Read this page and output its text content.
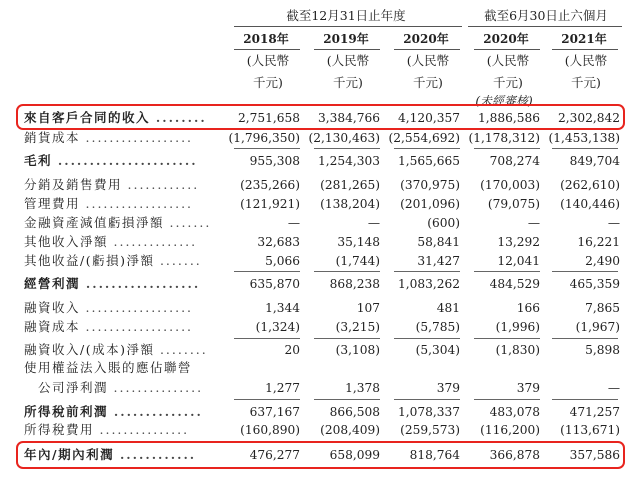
截至12月31日止年度	截至6月30日止六個月
2018年	2019年	2020年	2020年	2021年
(人民幣
千元)
(人民幣
千元)
(人民幣
千元)
(人民幣
千元)
(人民幣
千元)
(未經審核)
來自客戶合同的收入 ........	2,751,658	3,384,766	4,120,357	1,886,586	2,302,842
銷貨成本 ..................	(1,796,350) (2,130,463) (2,554,692) (1,178,312) (1,453,138)
毛利 ......................	955,308	1,254,303	1,565,665	708,274	849,704
分銷及銷售費用 ............	(235,266)	(281,265)	(370,975)	(170,003)	(262,610)
管理費用 ..................	(121,921)	(138,204)	(201,096)	(79,075)	(140,446)
金融資產減值虧損淨額 .......	—	—	(600)	—	—
其他收入淨額 ..............	32,683	35,148	58,841	13,292	16,221
其他收益/(虧損)淨額 .......	5,066	(1,744)	31,427	12,041	2,490
經營利潤 ..................	635,870	868,238	1,083,262	484,529	465,359
融資收入 ..................	1,344	107	481	166	7,865
融資成本 ..................	(1,324)	(3,215)	(5,785)	(1,996)	(1,967)
融資收入/(成本)淨額 ........	20	(3,108)	(5,304)	(1,830)	5,898
使用權益法入賬的應佔聯營
公司淨利潤 ...............	1,277	1,378	379	379	—
所得稅前利潤 ..............	637,167	866,508	1,078,337	483,078	471,257
所得稅費用 ...............	(160,890)	(208,409)	(259,573)	(116,200)	(113,671)
年內/期內利潤 ............	476,277	658,099	818,764	366,878	357,586
